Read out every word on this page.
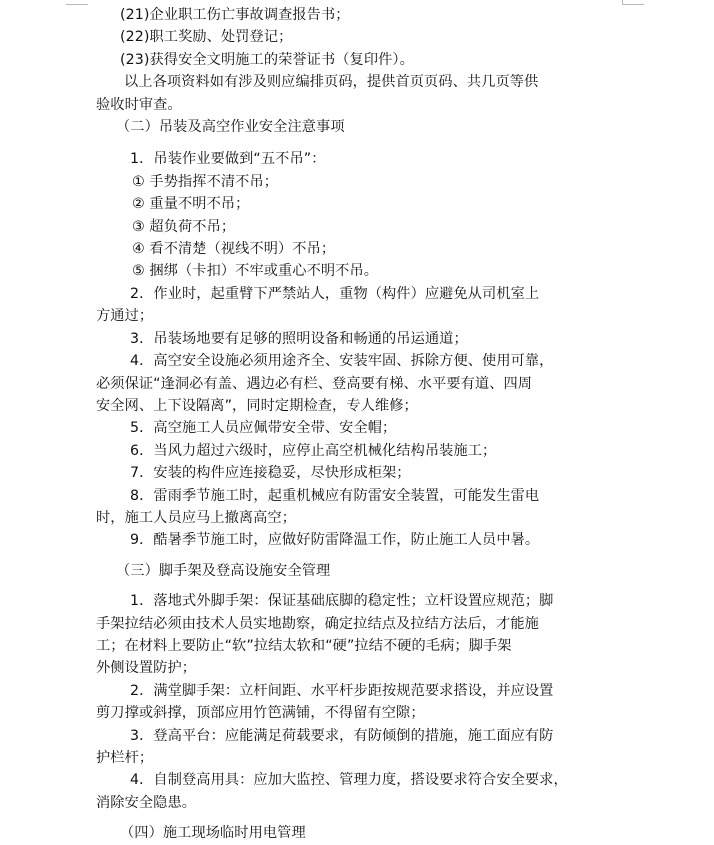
(21)企业职工伤亡事故调查报告书；
(22)职工奖励、处罚登记；
(23)获得安全文明施工的荣誉证书（复印件）。
以上各项资料如有涉及则应编排页码，提供首页页码、共几页等供
验收时审查。
（二）吊装及高空作业安全注意事项
1．吊装作业要做到“五不吊”：
① 手势指挥不清不吊；
② 重量不明不吊；
③ 超负荷不吊；
④ 看不清楚（视线不明）不吊；
⑤ 捆绑（卡扣）不牢或重心不明不吊。
2．作业时，起重臂下严禁站人，重物（构件）应避免从司机室上
方通过；
3．吊装场地要有足够的照明设备和畅通的吊运通道；
4．高空安全设施必须用途齐全、安装牢固、拆除方便、使用可靠，
必须保证“逢洞必有盖、遇边必有栏、登高要有梯、水平要有道、四周
安全网、上下设隔离”，同时定期检查，专人维修；
5．高空施工人员应佩带安全带、安全帽；
6．当风力超过六级时，应停止高空机械化结构吊装施工；
7．安装的构件应连接稳妥，尽快形成柜架；
8．雷雨季节施工时，起重机械应有防雷安全装置，可能发生雷电
时，施工人员应马上撤离高空；
9．酷暑季节施工时，应做好防雷降温工作，防止施工人员中暑。
（三）脚手架及登高设施安全管理
1．落地式外脚手架：保证基础底脚的稳定性；立杆设置应规范；脚
手架拉结必须由技术人员实地勘察，确定拉结点及拉结方法后，才能施
工；在材料上要防止“软”拉结太软和“硬”拉结不硬的毛病；脚手架
外侧设置防护；
2．满堂脚手架：立杆间距、水平杆步距按规范要求搭设，并应设置
剪刀撑或斜撑，顶部应用竹笆满铺，不得留有空隙；
3．登高平台：应能满足荷载要求，有防倾倒的措施，施工面应有防
护栏杆；
4．自制登高用具：应加大监控、管理力度，搭设要求符合安全要求，
消除安全隐患。
（四）施工现场临时用电管理
